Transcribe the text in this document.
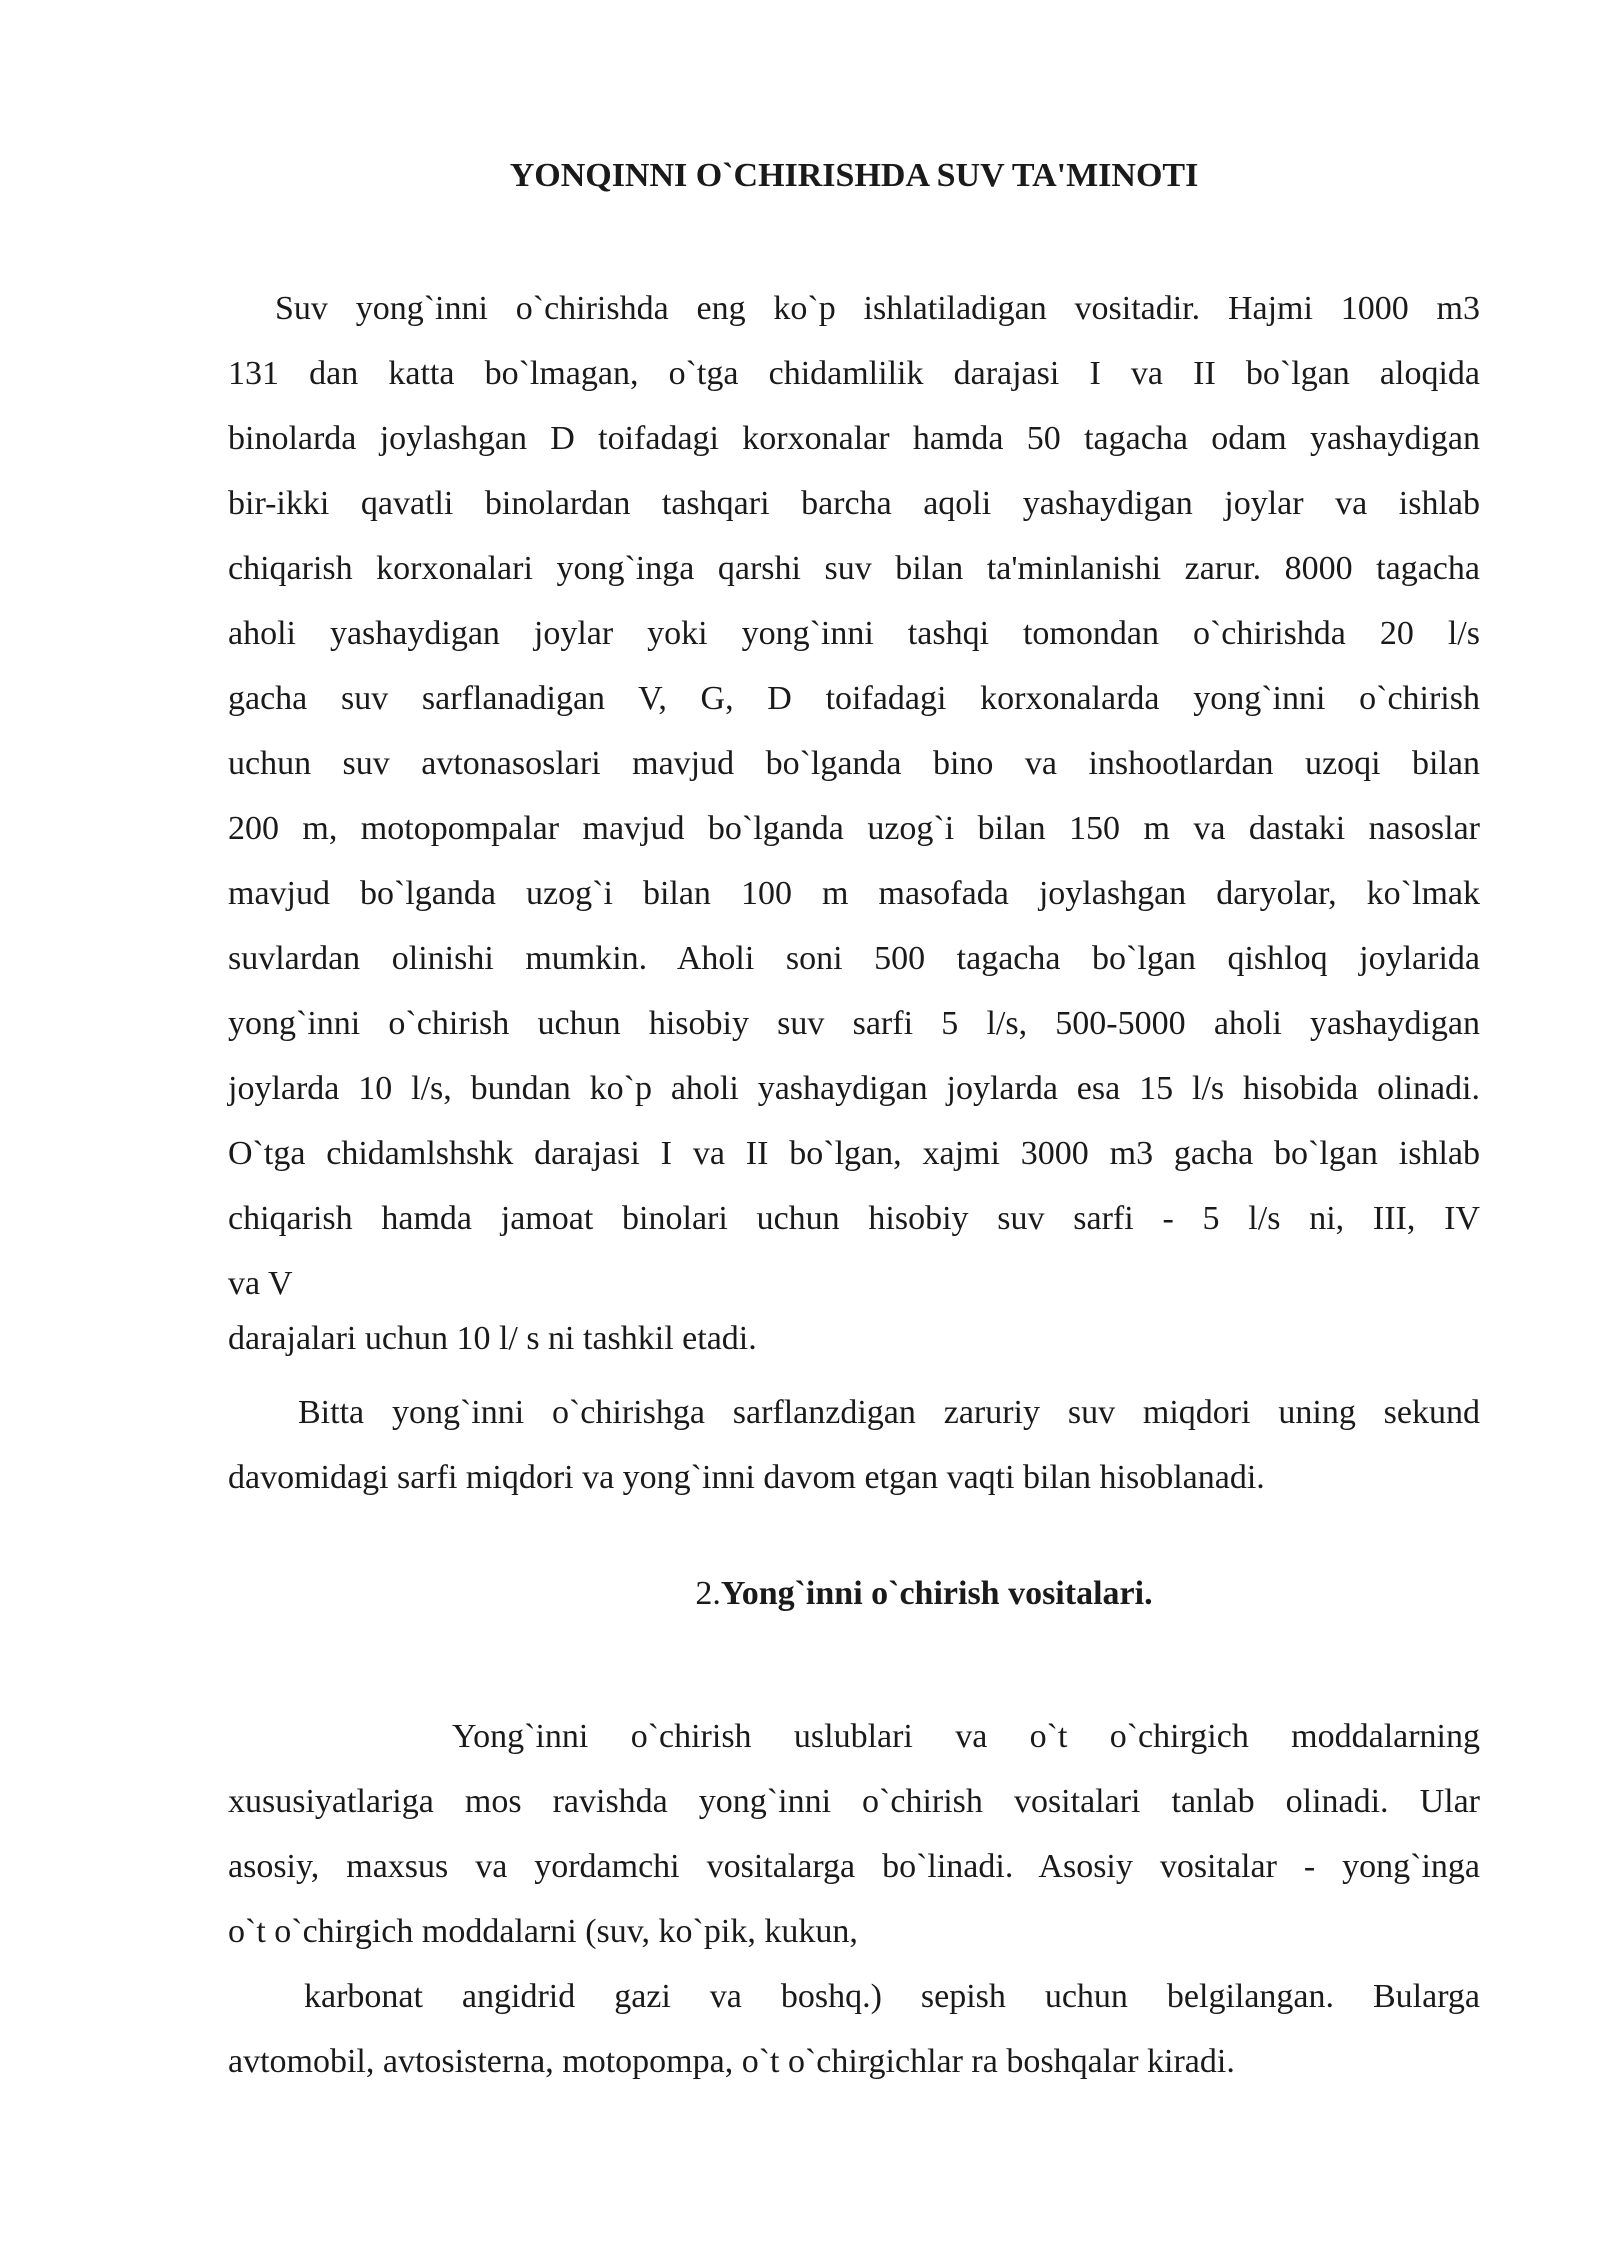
YONQINNI O`CHIRISHDA SUV TA'MINOTI
Suv yong`inni o`chirishda eng ko`p ishlatiladigan vositadir. Hajmi 1000 m3
131 dan katta bo`lmagan, o`tga chidamlilik darajasi I va II bo`lgan aloqida
binolarda joylashgan D toifadagi korxonalar hamda 50 tagacha odam yashaydigan
bir-ikki qavatli binolardan tashqari barcha aqoli yashaydigan joylar va ishlab
chiqarish korxonalari yong`inga qarshi suv bilan ta'minlanishi zarur. 8000 tagacha
aholi yashaydigan joylar yoki yong`inni tashqi tomondan o`chirishda 20 l/s
gacha suv sarflanadigan V, G, D toifadagi korxonalarda yong`inni o`chirish
uchun suv avtonasoslari mavjud bo`lganda bino va inshootlardan uzoqi bilan
200 m, motopompalar mavjud bo`lganda uzog`i bilan 150 m va dastaki nasoslar
mavjud bo`lganda uzog`i bilan 100 m masofada joylashgan daryolar, ko`lmak
suvlardan olinishi mumkin. Aholi soni 500 tagacha bo`lgan qishloq joylarida
yong`inni o`chirish uchun hisobiy suv sarfi 5 l/s, 500-5000 aholi yashaydigan
joylarda 10 l/s, bundan ko`p aholi yashaydigan joylarda esa 15 l/s hisobida olinadi.
O`tga chidamlshshk darajasi I va II bo`lgan, xajmi 3000 m3 gacha bo`lgan ishlab
chiqarish hamda jamoat binolari uchun hisobiy suv sarfi - 5 l/s ni, III, IV
va V
darajalari uchun 10 l/ s ni tashkil etadi.
Bitta yong`inni o`chirishga sarflanzdigan zaruriy suv miqdori uning sekund
davomidagi sarfi miqdori va yong`inni davom etgan vaqti bilan hisoblanadi.
2.Yong`inni o`chirish vositalari.
Yong`inni o`chirish uslublari va o`t o`chirgich moddalarning
xususiyatlariga mos ravishda yong`inni o`chirish vositalari tanlab olinadi. Ular
asosiy, maxsus va yordamchi vositalarga bo`linadi. Asosiy vositalar - yong`inga
o`t o`chirgich moddalarni (suv, ko`pik, kukun,
karbonat angidrid gazi va boshq.) sepish uchun belgilangan. Bularga
avtomobil, avtosisterna, motopompa, o`t o`chirgichlar ra boshqalar kiradi.
